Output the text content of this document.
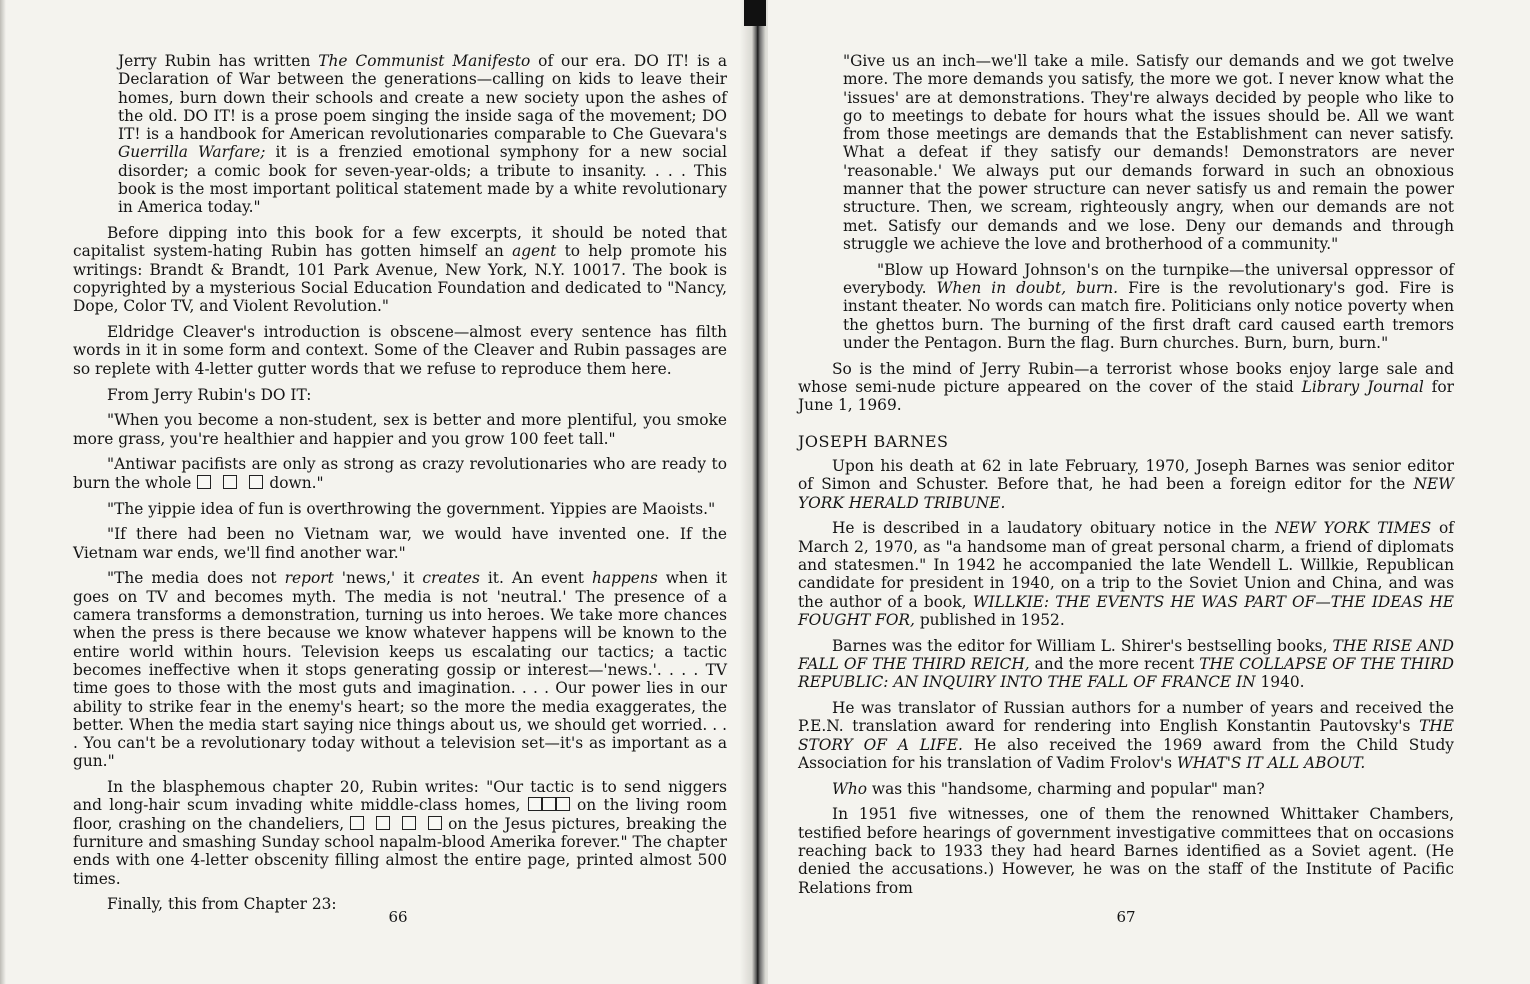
Jerry Rubin has written The Communist Manifesto of our era. DO IT! is a Declaration of War between the generations—calling on kids to leave their homes, burn down their schools and create a new society upon the ashes of the old. DO IT! is a prose poem singing the inside saga of the movement; DO IT! is a handbook for American revolutionaries comparable to Che Guevara's Guerrilla Warfare; it is a frenzied emotional symphony for a new social disorder; a comic book for seven-year-olds; a tribute to insanity. . . . This book is the most important political statement made by a white revolutionary in America today."

Before dipping into this book for a few excerpts, it should be noted that capitalist system-hating Rubin has gotten himself an agent to help promote his writings: Brandt & Brandt, 101 Park Avenue, New York, N.Y. 10017. The book is copyrighted by a mysterious Social Education Foundation and dedicated to "Nancy, Dope, Color TV, and Violent Revolution."

Eldridge Cleaver's introduction is obscene—almost every sentence has filth words in it in some form and context. Some of the Cleaver and Rubin passages are so replete with 4-letter gutter words that we refuse to reproduce them here.

From Jerry Rubin's DO IT:

"When you become a non-student, sex is better and more plentiful, you smoke more grass, you're healthier and happier and you grow 100 feet tall."

"Antiwar pacifists are only as strong as crazy revolutionaries who are ready to burn the whole	down."

"The yippie idea of fun is overthrowing the government. Yippies are Maoists."

"If there had been no Vietnam war, we would have invented one. If the Vietnam war ends, we'll find another war."

"The media does not report 'news,' it creates it. An event happens when it goes on TV and becomes myth. The media is not 'neutral.' The presence of a camera transforms a demonstration, turning us into heroes. We take more chances when the press is there because we know whatever happens will be known to the entire world within hours. Television keeps us escalating our tactics; a tactic becomes ineffective when it stops generating gossip or interest—'news.'. . . . TV time goes to those with the most guts and imagination. . . . Our power lies in our ability to strike fear in the enemy's heart; so the more the media exaggerates, the better. When the media start saying nice things about us, we should get worried. . . . You can't be a revolutionary today without a television set—it's as important as a gun."

In the blasphemous chapter 20, Rubin writes: "Our tactic is to send niggers and long-hair scum invading white middle-class homes,	on the living room floor, crashing on the chandeliers,	on the Jesus pictures, breaking the furniture and smashing Sunday school napalm-blood Amerika forever." The chapter ends with one 4-letter obscenity filling almost the entire page, printed almost 500 times.

Finally, this from Chapter 23:

66

"Give us an inch—we'll take a mile. Satisfy our demands and we got twelve more. The more demands you satisfy, the more we got. I never know what the 'issues' are at demonstrations. They're always decided by people who like to go to meetings to debate for hours what the issues should be. All we want from those meetings are demands that the Establishment can never satisfy. What a defeat if they satisfy our demands! Demonstrators are never 'reasonable.' We always put our demands forward in such an obnoxious manner that the power structure can never satisfy us and remain the power structure. Then, we scream, righteously angry, when our demands are not met. Satisfy our demands and we lose. Deny our demands and through struggle we achieve the love and brotherhood of a community."

"Blow up Howard Johnson's on the turnpike—the universal oppressor of everybody. When in doubt, burn. Fire is the revolutionary's god. Fire is instant theater. No words can match fire. Politicians only notice poverty when the ghettos burn. The burning of the first draft card caused earth tremors under the Pentagon. Burn the flag. Burn churches. Burn, burn, burn."

So is the mind of Jerry Rubin—a terrorist whose books enjoy large sale and whose semi-nude picture appeared on the cover of the staid Library Journal for June 1, 1969.

JOSEPH BARNES

Upon his death at 62 in late February, 1970, Joseph Barnes was senior editor of Simon and Schuster. Before that, he had been a foreign editor for the NEW YORK HERALD TRIBUNE.

He is described in a laudatory obituary notice in the NEW YORK TIMES of March 2, 1970, as "a handsome man of great personal charm, a friend of diplomats and statesmen." In 1942 he accompanied the late Wendell L. Willkie, Republican candidate for president in 1940, on a trip to the Soviet Union and China, and was the author of a book, WILLKIE: THE EVENTS HE WAS PART OF—THE IDEAS HE FOUGHT FOR, published in 1952.

Barnes was the editor for William L. Shirer's bestselling books, THE RISE AND FALL OF THE THIRD REICH, and the more recent THE COLLAPSE OF THE THIRD REPUBLIC: AN INQUIRY INTO THE FALL OF FRANCE IN 1940.

He was translator of Russian authors for a number of years and received the P.E.N. translation award for rendering into English Konstantin Pautovsky's THE STORY OF A LIFE. He also received the 1969 award from the Child Study Association for his translation of Vadim Frolov's WHAT'S IT ALL ABOUT.

Who was this "handsome, charming and popular" man?

In 1951 five witnesses, one of them the renowned Whittaker Chambers, testified before hearings of government investigative committees that on occasions reaching back to 1933 they had heard Barnes identified as a Soviet agent. (He denied the accusations.) However, he was on the staff of the Institute of Pacific Relations from

67
